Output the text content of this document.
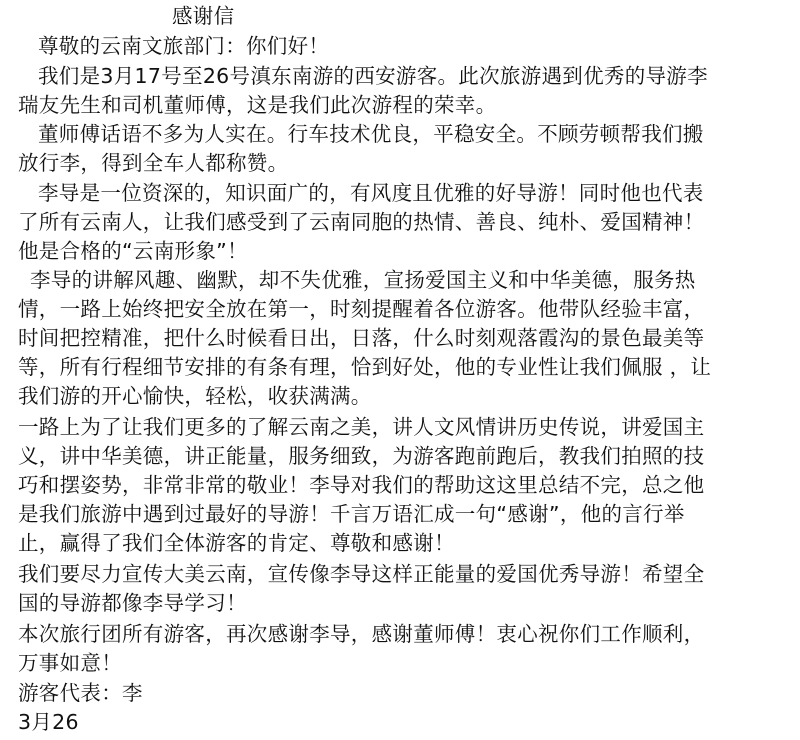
感谢信
尊敬的云南文旅部门：你们好！
我们是3月17号至26号滇东南游的西安游客。此次旅游遇到优秀的导游李
瑞友先生和司机董师傅，这是我们此次游程的荣幸。
董师傅话语不多为人实在。行车技术优良，平稳安全。不顾劳顿帮我们搬
放行李，得到全车人都称赞。
李导是一位资深的，知识面广的，有风度且优雅的好导游！同时他也代表
了所有云南人，让我们感受到了云南同胞的热情、善良、纯朴、爱国精神！
他是合格的“云南形象”！
李导的讲解风趣、幽默，却不失优雅，宣扬爱国主义和中华美德，服务热
情，一路上始终把安全放在第一，时刻提醒着各位游客。他带队经验丰富，
时间把控精准，把什么时候看日出，日落，什么时刻观落霞沟的景色最美等
等，所有行程细节安排的有条有理，恰到好处，他的专业性让我们佩服 ，让
我们游的开心愉快，轻松，收获满满。
一路上为了让我们更多的了解云南之美，讲人文风情讲历史传说，讲爱国主
义，讲中华美德，讲正能量，服务细致，为游客跑前跑后，教我们拍照的技
巧和摆姿势，非常非常的敬业！李导对我们的帮助这这里总结不完，总之他
是我们旅游中遇到过最好的导游！千言万语汇成一句“感谢”，他的言行举
止，赢得了我们全体游客的肯定、尊敬和感谢！
我们要尽力宣传大美云南，宣传像李导这样正能量的爱国优秀导游！希望全
国的导游都像李导学习！
本次旅行团所有游客，再次感谢李导，感谢董师傅！衷心祝你们工作顺利，
万事如意！
游客代表：李
3月26
